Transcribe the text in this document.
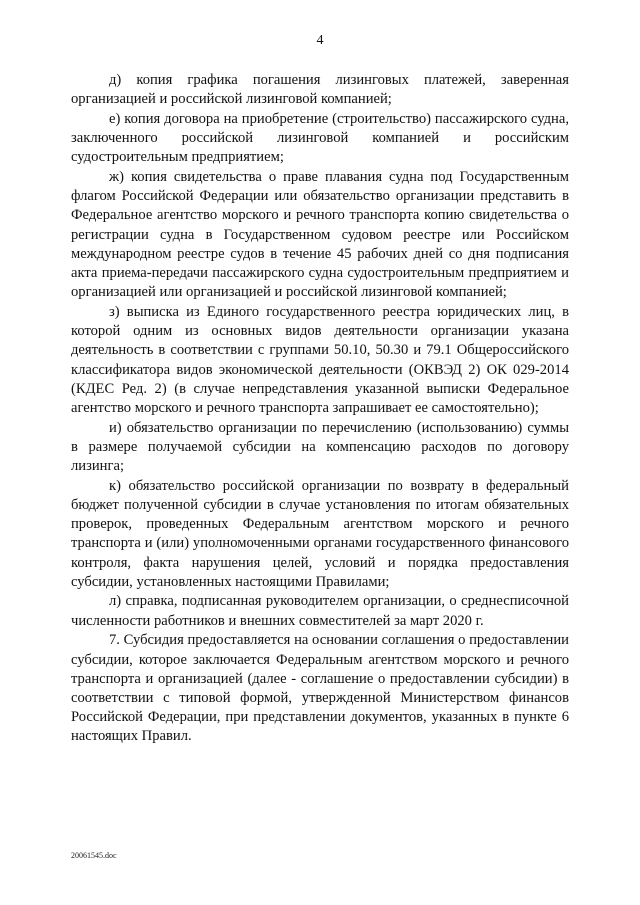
4

д) копия графика погашения лизинговых платежей, заверенная организацией и российской лизинговой компанией;

е) копия договора на приобретение (строительство) пассажирского судна, заключенного российской лизинговой компанией и российским судостроительным предприятием;

ж) копия свидетельства о праве плавания судна под Государственным флагом Российской Федерации или обязательство организации представить в Федеральное агентство морского и речного транспорта копию свидетельства о регистрации судна в Государственном судовом реестре или Российском международном реестре судов в течение 45 рабочих дней со дня подписания акта приема-передачи пассажирского судна судостроительным предприятием и организацией или организацией и российской лизинговой компанией;

з) выписка из Единого государственного реестра юридических лиц, в которой одним из основных видов деятельности организации указана деятельность в соответствии с группами 50.10, 50.30 и 79.1 Общероссийского классификатора видов экономической деятельности (ОКВЭД 2) ОК 029-2014 (КДЕС Ред. 2) (в случае непредставления указанной выписки Федеральное агентство морского и речного транспорта запрашивает ее самостоятельно);

и) обязательство организации по перечислению (использованию) суммы в размере получаемой субсидии на компенсацию расходов по договору лизинга;

к) обязательство российской организации по возврату в федеральный бюджет полученной субсидии в случае установления по итогам обязательных проверок, проведенных Федеральным агентством морского и речного транспорта и (или) уполномоченными органами государственного финансового контроля, факта нарушения целей, условий и порядка предоставления субсидии, установленных настоящими Правилами;

л) справка, подписанная руководителем организации, о среднесписочной численности работников и внешних совместителей за март 2020 г.

7. Субсидия предоставляется на основании соглашения о предоставлении субсидии, которое заключается Федеральным агентством морского и речного транспорта и организацией (далее - соглашение о предоставлении субсидии) в соответствии с типовой формой, утвержденной Министерством финансов Российской Федерации, при представлении документов, указанных в пункте 6 настоящих Правил.

20061545.doc
